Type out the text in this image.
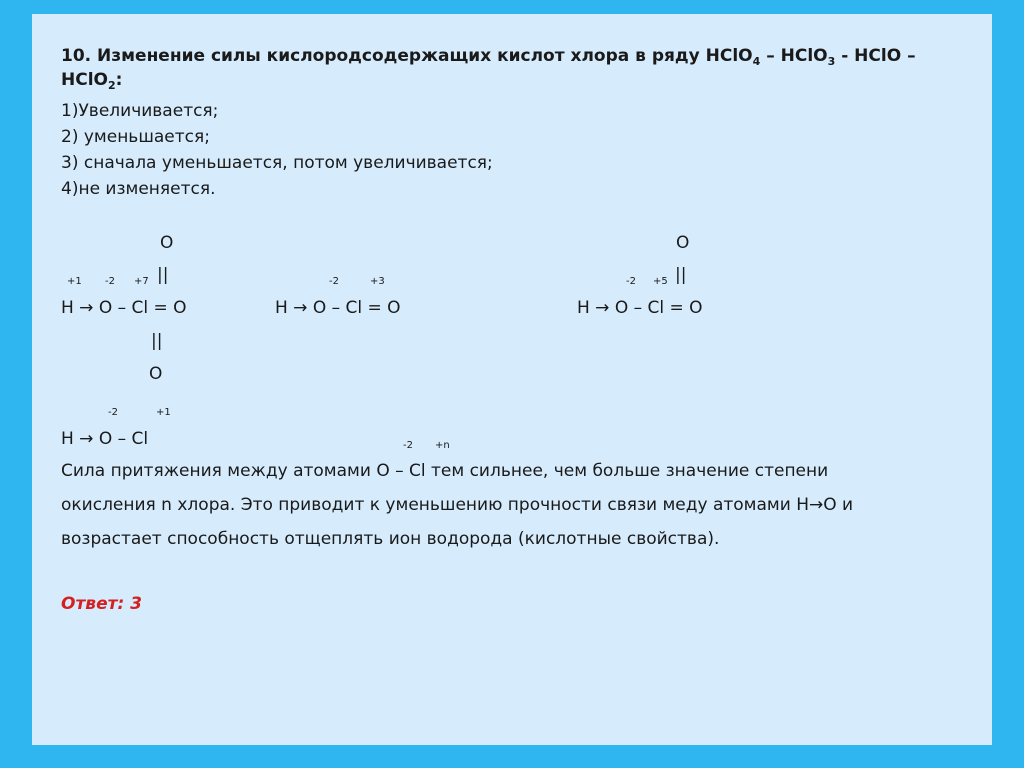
10. Изменение силы кислородсодержащих кислот хлора в ряду HClO$_4$ – HClO$_3$ - HClO –
HClO$_2$:
1)Увеличивается;
2) уменьшается;
3) сначала уменьшается, потом увеличивается;
4)не изменяется.
O
+1 -2 +7 ||
H → O – Cl = O
||
O
-2	+3
H → O – Cl = O
O
-2 +5 ||
H → O – Cl = O
-2	+1
H → O – Cl	-2 +n
Сила притяжения между атомами O – Cl тем сильнее, чем больше значение степени
окисления n хлора. Это приводит к уменьшению прочности связи меду атомами H→O и
возрастает способность отщеплять ион водорода (кислотные свойства).
Ответ: 3
